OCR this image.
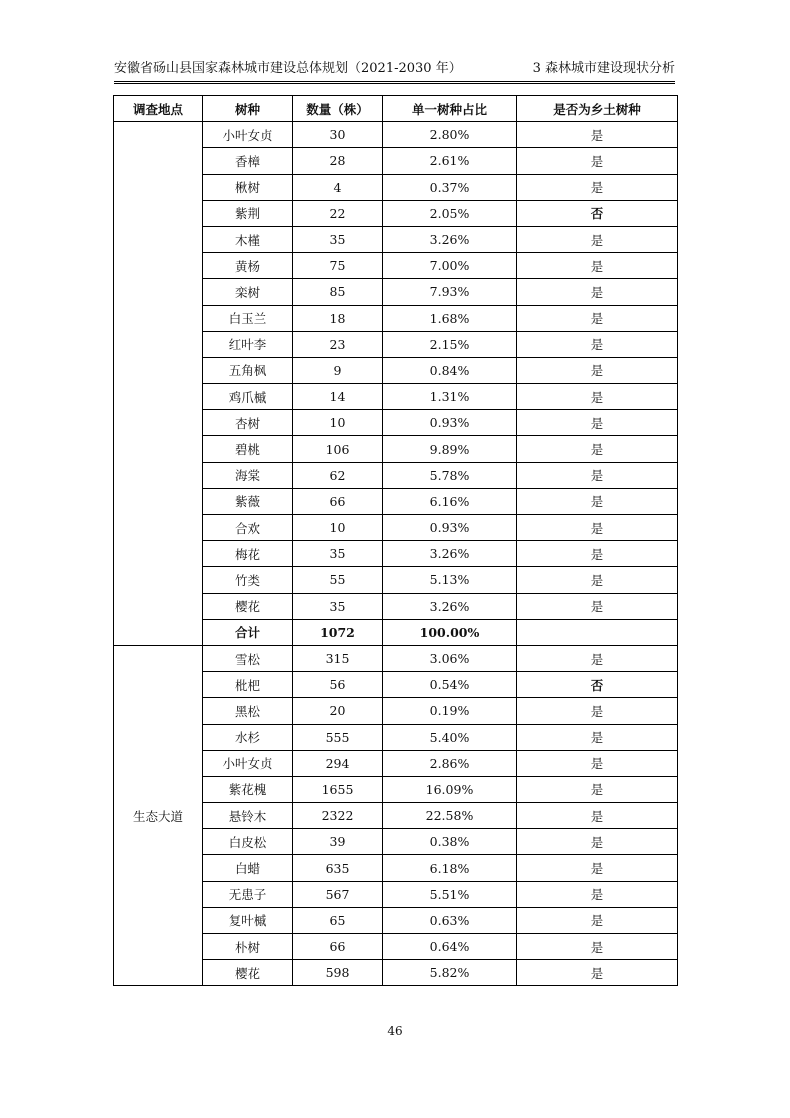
安徽省砀山县国家森林城市建设总体规划（2021-2030 年）	3 森林城市建设现状分析
调查地点	树种	数量（株）	单一树种占比	是否为乡土树种
	小叶女贞	30	2.80%	是
	香樟	28	2.61%	是
	楸树	4	0.37%	是
	紫荆	22	2.05%	否
	木槿	35	3.26%	是
	黄杨	75	7.00%	是
	栾树	85	7.93%	是
	白玉兰	18	1.68%	是
	红叶李	23	2.15%	是
	五角枫	9	0.84%	是
	鸡爪槭	14	1.31%	是
	杏树	10	0.93%	是
	碧桃	106	9.89%	是
	海棠	62	5.78%	是
	紫薇	66	6.16%	是
	合欢	10	0.93%	是
	梅花	35	3.26%	是
	竹类	55	5.13%	是
	樱花	35	3.26%	是
	合计	1072	100.00%	
生态大道	雪松	315	3.06%	是
	枇杷	56	0.54%	否
	黑松	20	0.19%	是
	水杉	555	5.40%	是
	小叶女贞	294	2.86%	是
	紫花槐	1655	16.09%	是
	悬铃木	2322	22.58%	是
	白皮松	39	0.38%	是
	白蜡	635	6.18%	是
	无患子	567	5.51%	是
	复叶槭	65	0.63%	是
	朴树	66	0.64%	是
	樱花	598	5.82%	是
46
